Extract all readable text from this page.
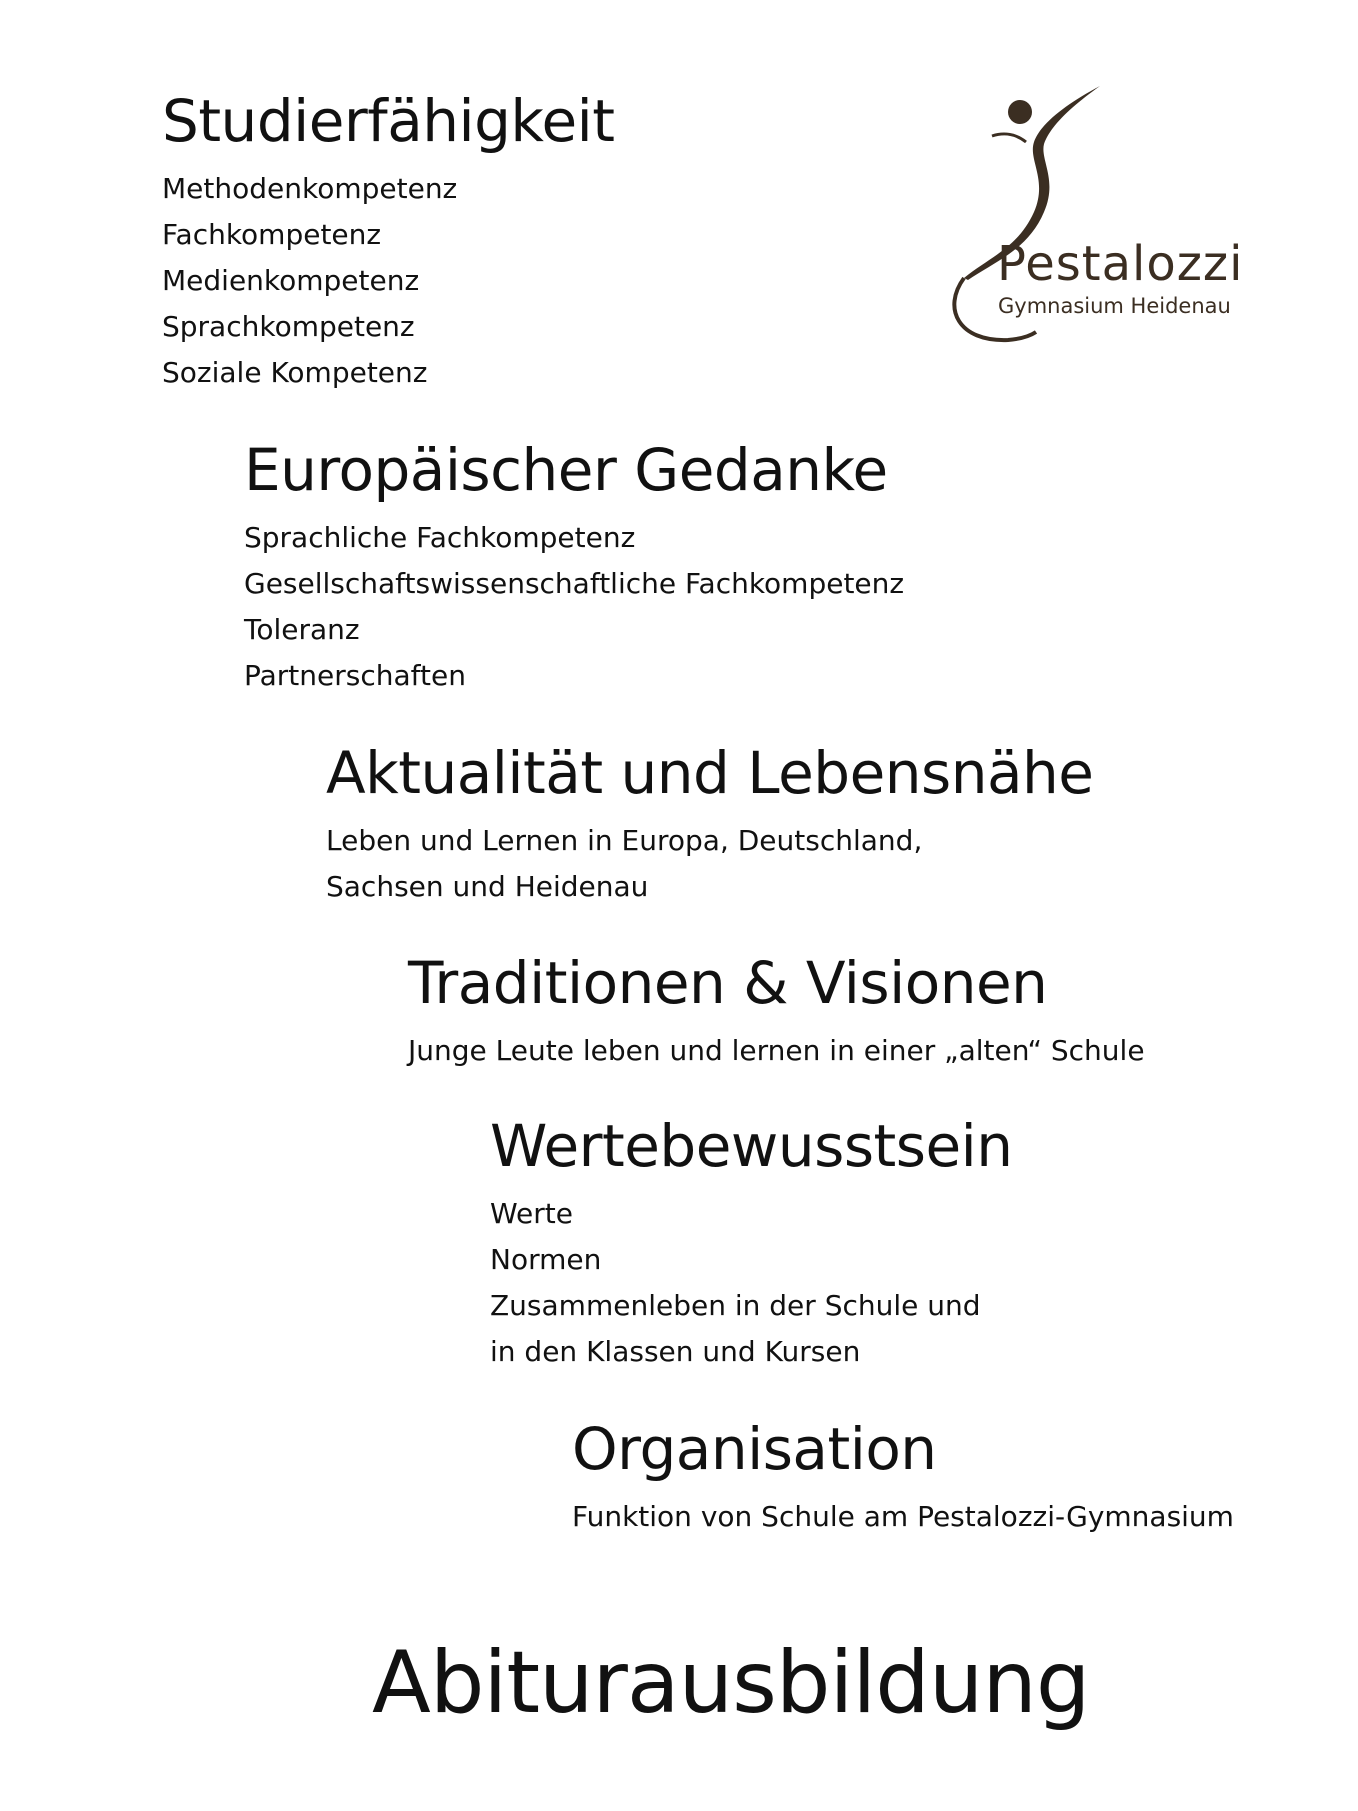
Pestalozzi
Gymnasium Heidenau
Studierfähigkeit
Methodenkompetenz
Fachkompetenz
Medienkompetenz
Sprachkompetenz
Soziale Kompetenz
Europäischer Gedanke
Sprachliche Fachkompetenz
Gesellschaftswissenschaftliche Fachkompetenz
Toleranz
Partnerschaften
Aktualität und Lebensnähe
Leben und Lernen in Europa, Deutschland,
Sachsen und Heidenau
Traditionen & Visionen
Junge Leute leben und lernen in einer „alten“ Schule
Wertebewusstsein
Werte
Normen
Zusammenleben in der Schule und
in den Klassen und Kursen
Organisation
Funktion von Schule am Pestalozzi-Gymnasium
Abiturausbildung
